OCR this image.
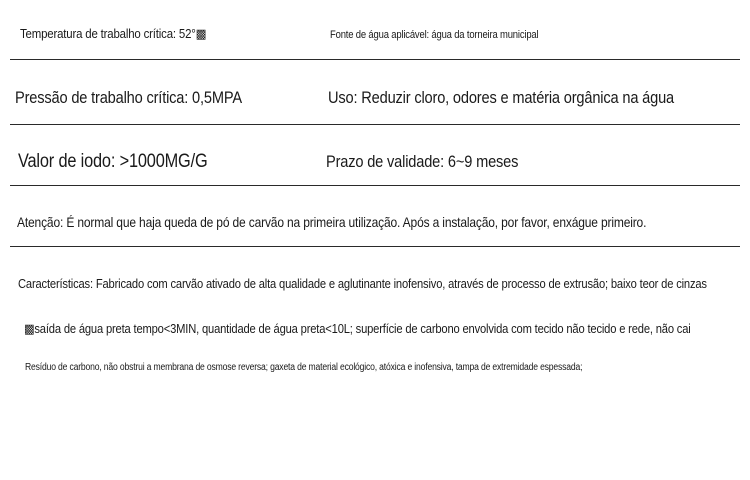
Temperatura de trabalho crítica: 52°▩	Fonte de água aplicável: água da torneira municipal
Pressão de trabalho crítica: 0,5MPA	Uso: Reduzir cloro, odores e matéria orgânica na água
Valor de iodo: >1000MG/G	Prazo de validade: 6~9 meses
Atenção: É normal que haja queda de pó de carvão na primeira utilização. Após a instalação, por favor, enxágue primeiro.
Características: Fabricado com carvão ativado de alta qualidade e aglutinante inofensivo, através de processo de extrusão; baixo teor de cinzas
▩saída de água preta tempo<3MIN, quantidade de água preta<10L; superfície de carbono envolvida com tecido não tecido e rede, não cai
Resíduo de carbono, não obstrui a membrana de osmose reversa; gaxeta de material ecológico, atóxica e inofensiva, tampa de extremidade espessada;
